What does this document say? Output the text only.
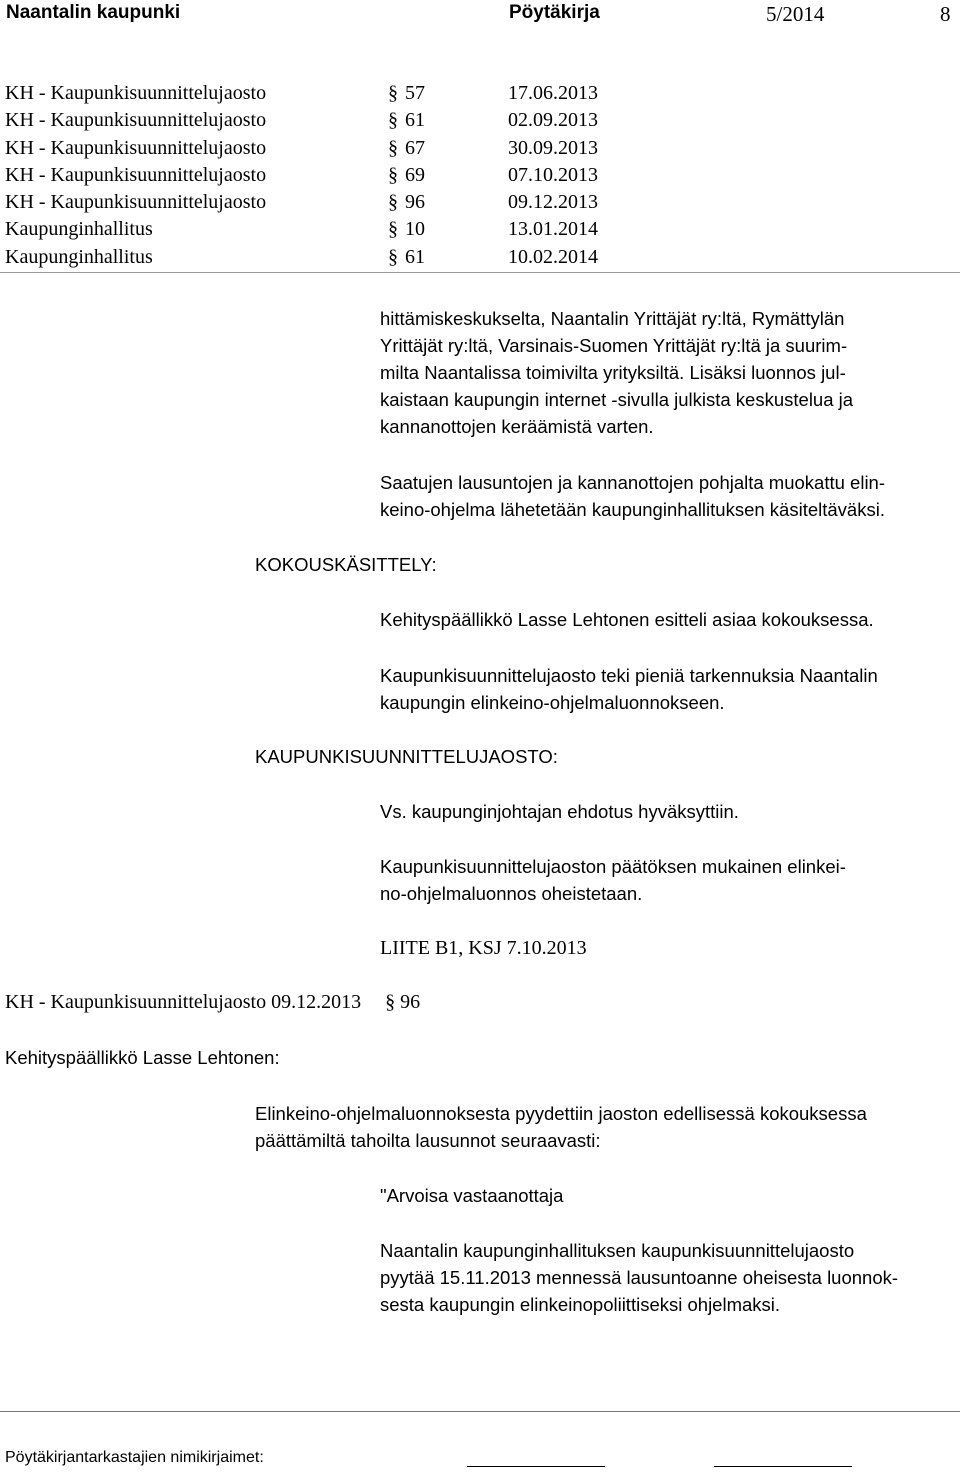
Naantalin kaupunki	Pöytäkirja	5/2014	8
KH - Kaupunkisuunnittelujaosto	§ 57	17.06.2013
KH - Kaupunkisuunnittelujaosto	§ 61	02.09.2013
KH - Kaupunkisuunnittelujaosto	§ 67	30.09.2013
KH - Kaupunkisuunnittelujaosto	§ 69	07.10.2013
KH - Kaupunkisuunnittelujaosto	§ 96	09.12.2013
Kaupunginhallitus	§ 10	13.01.2014
Kaupunginhallitus	§ 61	10.02.2014
hittämiskeskukselta, Naantalin Yrittäjät ry:ltä, Rymättylän
Yrittäjät ry:ltä, Varsinais-Suomen Yrittäjät ry:ltä ja suurim-
milta Naantalissa toimivilta yrityksiltä. Lisäksi luonnos jul-
kaistaan kaupungin internet -sivulla julkista keskustelua ja
kannanottojen keräämistä varten.
Saatujen lausuntojen ja kannanottojen pohjalta muokattu elin-
keino-ohjelma lähetetään kaupunginhallituksen käsiteltäväksi.
KOKOUSKÄSITTELY:
Kehityspäällikkö Lasse Lehtonen esitteli asiaa kokouksessa.
Kaupunkisuunnittelujaosto teki pieniä tarkennuksia Naantalin
kaupungin elinkeino-ohjelmaluonnokseen.
KAUPUNKISUUNNITTELUJAOSTO:
Vs. kaupunginjohtajan ehdotus hyväksyttiin.
Kaupunkisuunnittelujaoston päätöksen mukainen elinkei-
no-ohjelmaluonnos oheistetaan.
LIITE B1, KSJ 7.10.2013
KH - Kaupunkisuunnittelujaosto 09.12.2013 § 96
Kehityspäällikkö Lasse Lehtonen:
Elinkeino-ohjelmaluonnoksesta pyydettiin jaoston edellisessä kokouksessa
päättämiltä tahoilta lausunnot seuraavasti:
"Arvoisa vastaanottaja
Naantalin kaupunginhallituksen kaupunkisuunnittelujaosto
pyytää 15.11.2013 mennessä lausuntoanne oheisesta luonnok-
sesta kaupungin elinkeinopoliittiseksi ohjelmaksi.
Pöytäkirjantarkastajien nimikirjaimet:
